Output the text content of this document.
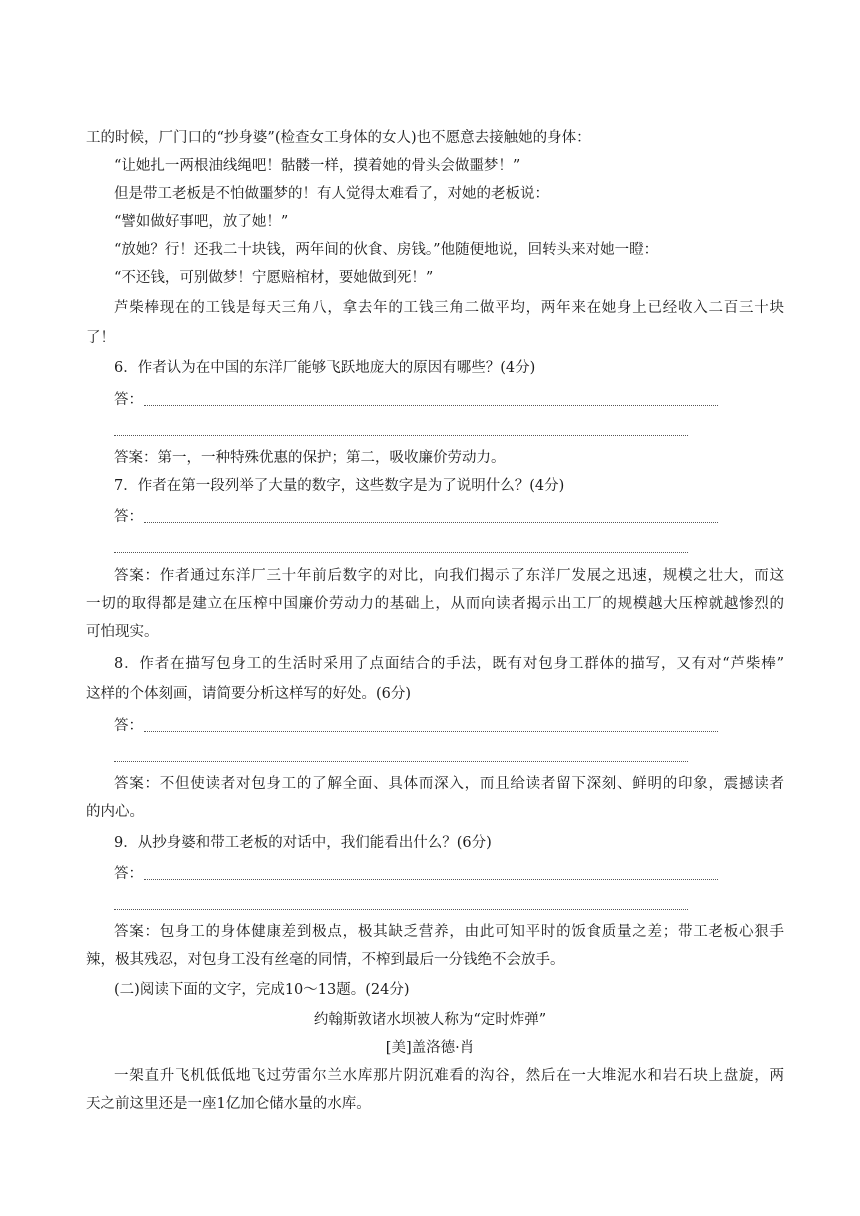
工的时候，厂门口的“抄身婆”(检查女工身体的女人)也不愿意去接触她的身体：
“让她扎一两根油线绳吧！骷髅一样，摸着她的骨头会做噩梦！”
但是带工老板是不怕做噩梦的！有人觉得太难看了，对她的老板说：
“譬如做好事吧，放了她！”
“放她？行！还我二十块钱，两年间的伙食、房钱。”他随便地说，回转头来对她一瞪：
“不还钱，可别做梦！宁愿赔棺材，要她做到死！”
芦柴棒现在的工钱是每天三角八，拿去年的工钱三角二做平均，两年来在她身上已经收入二百三十块
了！
6．作者认为在中国的东洋厂能够飞跃地庞大的原因有哪些？(4分)
答：
答案：第一，一种特殊优惠的保护；第二，吸收廉价劳动力。
7．作者在第一段列举了大量的数字，这些数字是为了说明什么？(4分)
答：
答案：作者通过东洋厂三十年前后数字的对比，向我们揭示了东洋厂发展之迅速，规模之壮大，而这
一切的取得都是建立在压榨中国廉价劳动力的基础上，从而向读者揭示出工厂的规模越大压榨就越惨烈的
可怕现实。
8．作者在描写包身工的生活时采用了点面结合的手法，既有对包身工群体的描写，又有对“芦柴棒”
这样的个体刻画，请简要分析这样写的好处。(6分)
答：
答案：不但使读者对包身工的了解全面、具体而深入，而且给读者留下深刻、鲜明的印象，震撼读者
的内心。
9．从抄身婆和带工老板的对话中，我们能看出什么？(6分)
答：
答案：包身工的身体健康差到极点，极其缺乏营养，由此可知平时的饭食质量之差；带工老板心狠手
辣，极其残忍，对包身工没有丝毫的同情，不榨到最后一分钱绝不会放手。
(二)阅读下面的文字，完成10～13题。(24分)
约翰斯敦诸水坝被人称为“定时炸弹”
[美]盖洛德·肖
一架直升飞机低低地飞过劳雷尔兰水库那片阴沉难看的沟谷，然后在一大堆泥水和岩石块上盘旋，两
天之前这里还是一座1亿加仑储水量的水库。
